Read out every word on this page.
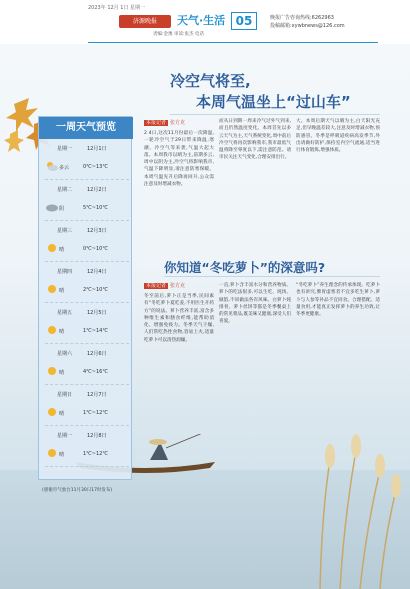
2023年 12月 1日 星期一
济源晚报	天气·生活
责编:金豫 审读:张杰 电话
05	晚报广告咨询热线:6262963
投稿邮箱:xywbnews@126.com
一周天气预览
星期一	12月1日
多云	0℃~13℃
星期二	12月2日
阴	5℃~10℃
星期三	12月3日
晴	0℃~10℃
星期四	12月4日
晴	2℃~10℃
星期五	12月5日
晴	1℃~14℃
星期六	12月6日
晴	4℃~16℃
星期日	12月7日
晴	1℃~12℃
星期一	12月8日
晴	1℃~12℃
(感谢市气象台11月30日17时发布)
冷空气将至,
本周气温坐上“过山车”
本报记者 张方克
2 4日,这次11月份最后一次降温,一轮冷空气于29日带来降温,寒潮、冷空气等来袭,气温大起大落。本周我市以晴为主,前期多云,周中以阴为主,冷空气将影响我市,气温下降明显,请注意防寒保暖。本周气温先升后降再回升,公众需注意及时增减衣物。
而从日到期一周来冷气过外气到来,而且仍然温度变化。本周首先以多云天气为主,天气系统变化,周中前后冷空气将再次影响我市,我市最低气温将降至零度以下,需注意防范。请市民关注天气变化,合理安排出行。
大。本周后期天气以晴为主,白天阳光充足,但早晚温差较大,注意及时增减衣物,预防感冒。冬季是呼吸道疾病高发季节,外出请做好防护,保持室内空气流通,适当进行体育锻炼,增强体质。
你知道“冬吃萝卜”的深意吗?
本报记者 张方克
冬至前后,萝卜正是当季,民间素有“冬吃萝卜夏吃姜,不用医生开药方”的说法。萝卜营养丰富,富含多种维生素和膳食纤维,能帮助消化、增强免疫力。冬季天气干燥,人们常吃热性食物,容易上火,适量吃萝卜可以清热润燥。
一直,萝卜含丰富水分和营养物质。萝卜的吃法很多,可以生吃、炖汤、做馅,不同做法各有风味。白萝卜炖排骨、萝卜丝饼等都是冬季餐桌上的常见菜品,既美味又健康,深受人们喜爱。
“冬吃萝卜”养生理念的传承体现。吃萝卜也有讲究,脾胃虚寒者不宜多吃生萝卜,萝卜与人参等补品不宜同食。合理搭配、适量食用,才能真正发挥萝卜的养生功效,让冬季更健康。
